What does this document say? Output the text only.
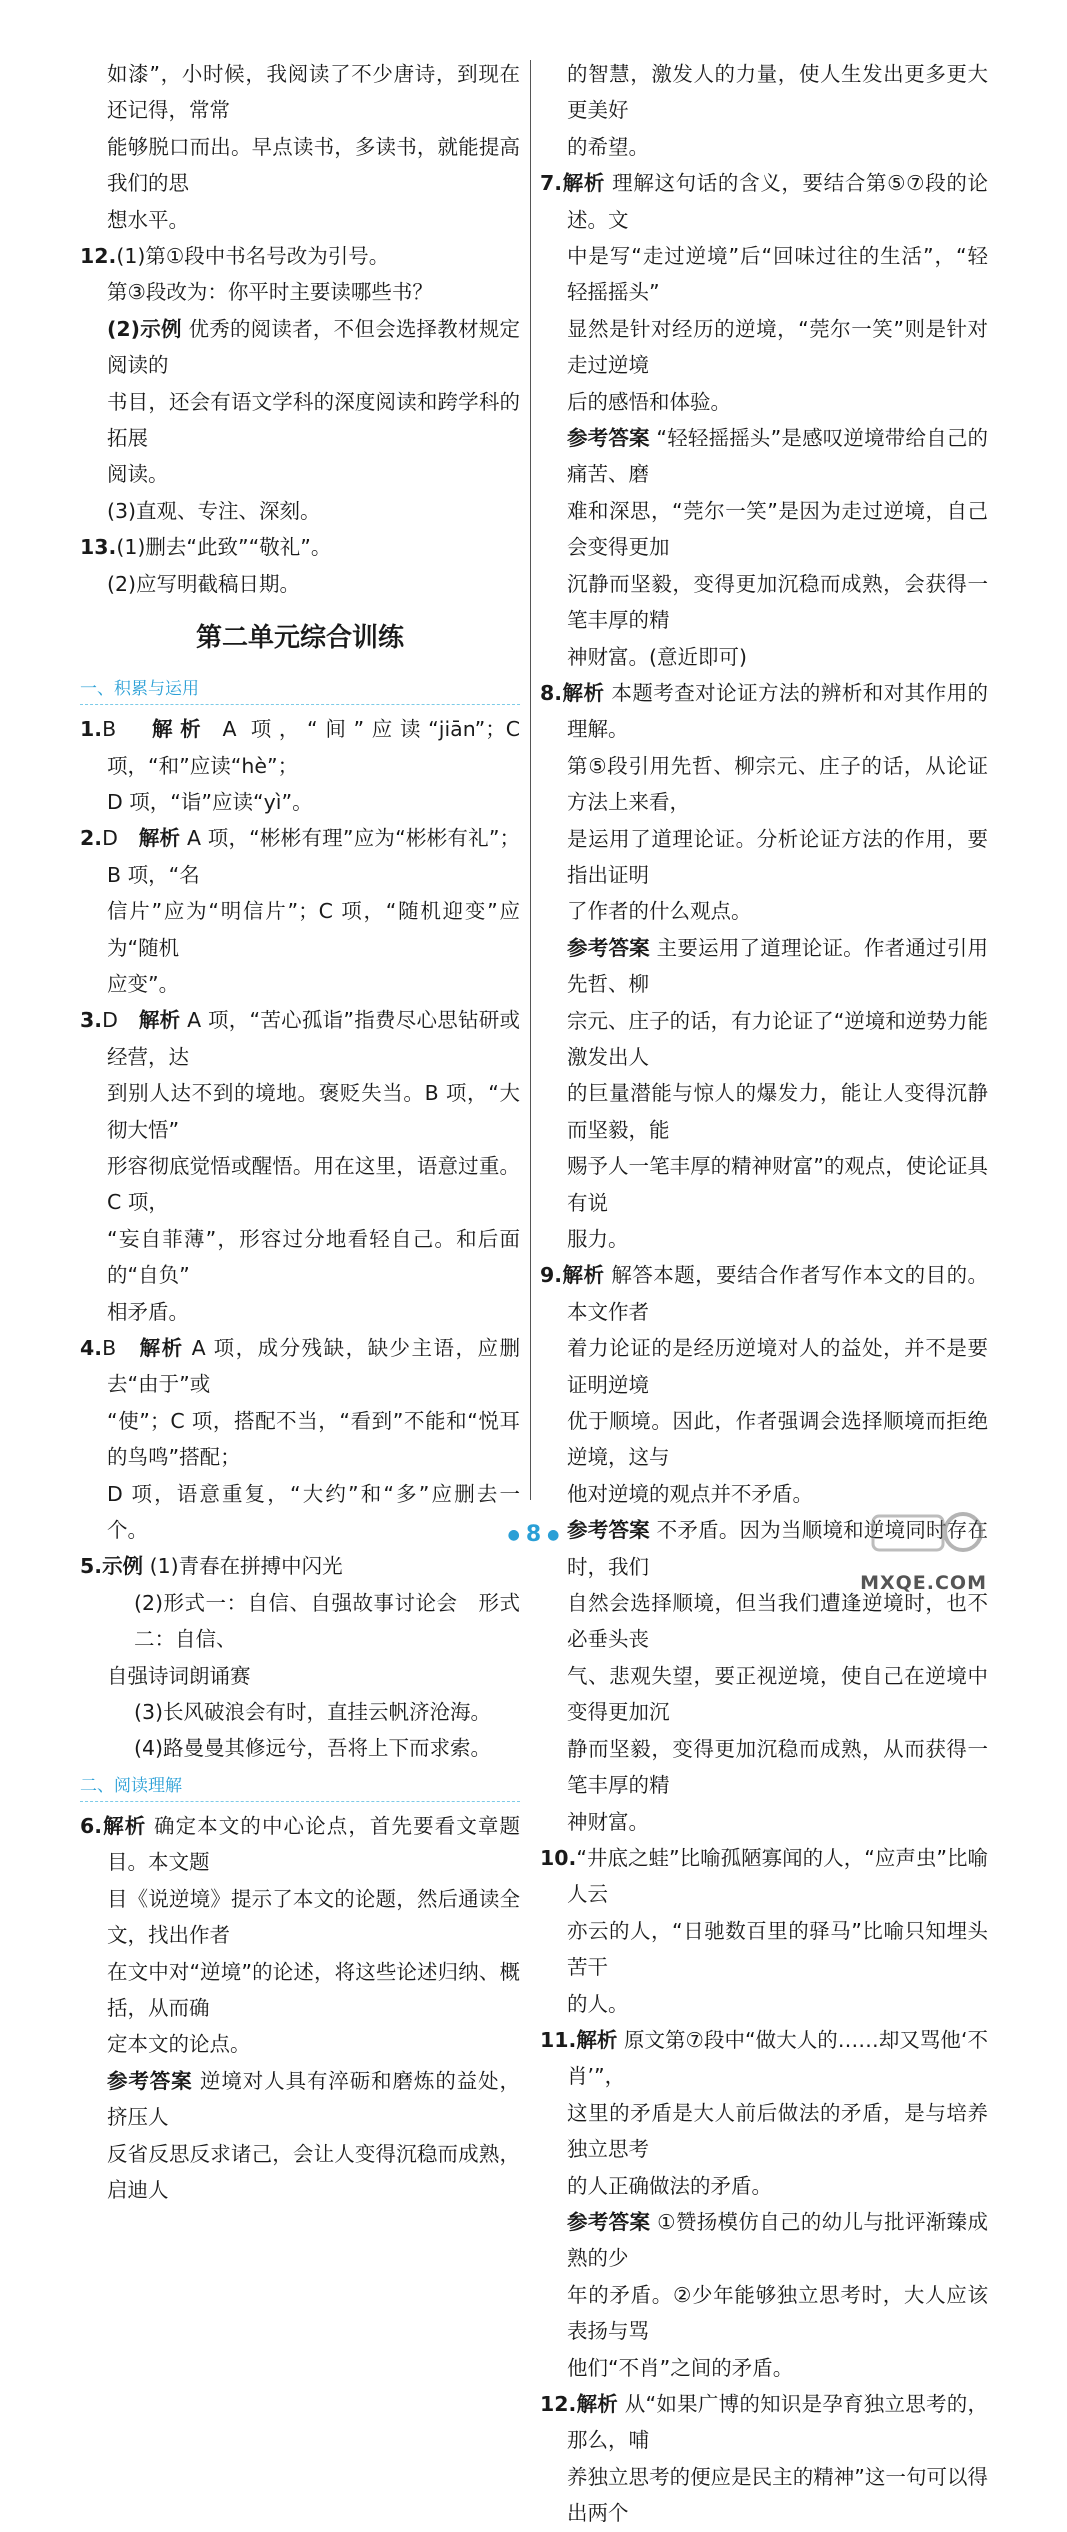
如漆”，小时候，我阅读了不少唐诗，到现在还记得，常常

能够脱口而出。早点读书，多读书，就能提高我们的思

想水平。

12.(1)第①段中书名号改为引号。

第③段改为：你平时主要读哪些书？

(2)示例 优秀的阅读者，不但会选择教材规定阅读的

书目，还会有语文学科的深度阅读和跨学科的拓展

阅读。

(3)直观、专注、深刻。

13.(1)删去“此致”“敬礼”。

(2)应写明截稿日期。

第二单元综合训练
一、积累与运用

1.B　 解析 A 项，“间”应读“jiān”；C 项，“和”应读“hè”；

D 项，“诣”应读“yì”。

2.D　 解析 A 项，“彬彬有理”应为“彬彬有礼”；B 项，“名

信片”应为“明信片”；C 项，“随机迎变”应为“随机

应变”。

3.D　 解析 A 项，“苦心孤诣”指费尽心思钻研或经营，达

到别人达不到的境地。褒贬失当。B 项，“大彻大悟”

形容彻底觉悟或醒悟。用在这里，语意过重。C 项，

“妄自菲薄”，形容过分地看轻自己。和后面的“自负”

相矛盾。

4.B　 解析 A 项，成分残缺，缺少主语，应删去“由于”或

“使”；C 项，搭配不当，“看到”不能和“悦耳的鸟鸣”搭配；

D 项，语意重复，“大约”和“多”应删去一个。

5.示例 (1)青春在拼搏中闪光

(2)形式一：自信、自强故事讨论会　形式二：自信、

自强诗词朗诵赛

(3)长风破浪会有时，直挂云帆济沧海。

(4)路曼曼其修远兮，吾将上下而求索。

二、阅读理解

6.解析 确定本文的中心论点，首先要看文章题目。本文题

目《说逆境》提示了本文的论题，然后通读全文，找出作者

在文中对“逆境”的论述，将这些论述归纳、概括，从而确

定本文的论点。

参考答案 逆境对人具有淬砺和磨炼的益处，挤压人

反省反思反求诸己，会让人变得沉稳而成熟，启迪人

的智慧，激发人的力量，使人生发出更多更大更美好

的希望。

7.解析 理解这句话的含义，要结合第⑤⑦段的论述。文

中是写“走过逆境”后“回味过往的生活”，“轻轻摇摇头”

显然是针对经历的逆境，“莞尔一笑”则是针对走过逆境

后的感悟和体验。

参考答案 “轻轻摇摇头”是感叹逆境带给自己的痛苦、磨

难和深思，“莞尔一笑”是因为走过逆境，自己会变得更加

沉静而坚毅，变得更加沉稳而成熟，会获得一笔丰厚的精

神财富。(意近即可)

8.解析 本题考查对论证方法的辨析和对其作用的理解。

第⑤段引用先哲、柳宗元、庄子的话，从论证方法上来看，

是运用了道理论证。分析论证方法的作用，要指出证明

了作者的什么观点。

参考答案 主要运用了道理论证。作者通过引用先哲、柳

宗元、庄子的话，有力论证了“逆境和逆势力能激发出人

的巨量潜能与惊人的爆发力，能让人变得沉静而坚毅，能

赐予人一笔丰厚的精神财富”的观点，使论证具有说

服力。

9.解析 解答本题，要结合作者写作本文的目的。本文作者

着力论证的是经历逆境对人的益处，并不是要证明逆境

优于顺境。因此，作者强调会选择顺境而拒绝逆境，这与

他对逆境的观点并不矛盾。

参考答案 不矛盾。因为当顺境和逆境同时存在时，我们

自然会选择顺境，但当我们遭逢逆境时，也不必垂头丧

气、悲观失望，要正视逆境，使自己在逆境中变得更加沉

静而坚毅，变得更加沉稳而成熟，从而获得一笔丰厚的精

神财富。

10.“井底之蛙”比喻孤陋寡闻的人，“应声虫”比喻人云

亦云的人，“日驰数百里的驿马”比喻只知埋头苦干

的人。

11.解析 原文第⑦段中“做大人的……却又骂他‘不肖’”，

这里的矛盾是大人前后做法的矛盾，是与培养独立思考

的人正确做法的矛盾。

参考答案 ①赞扬模仿自己的幼儿与批评渐臻成熟的少

年的矛盾。②少年能够独立思考时，大人应该表扬与骂

他们“不肖”之间的矛盾。

12.解析 从“如果广博的知识是孕育独立思考的，那么，哺

养独立思考的便应是民主的精神”这一句可以得出两个

● 8 ●
MXQE.COM
